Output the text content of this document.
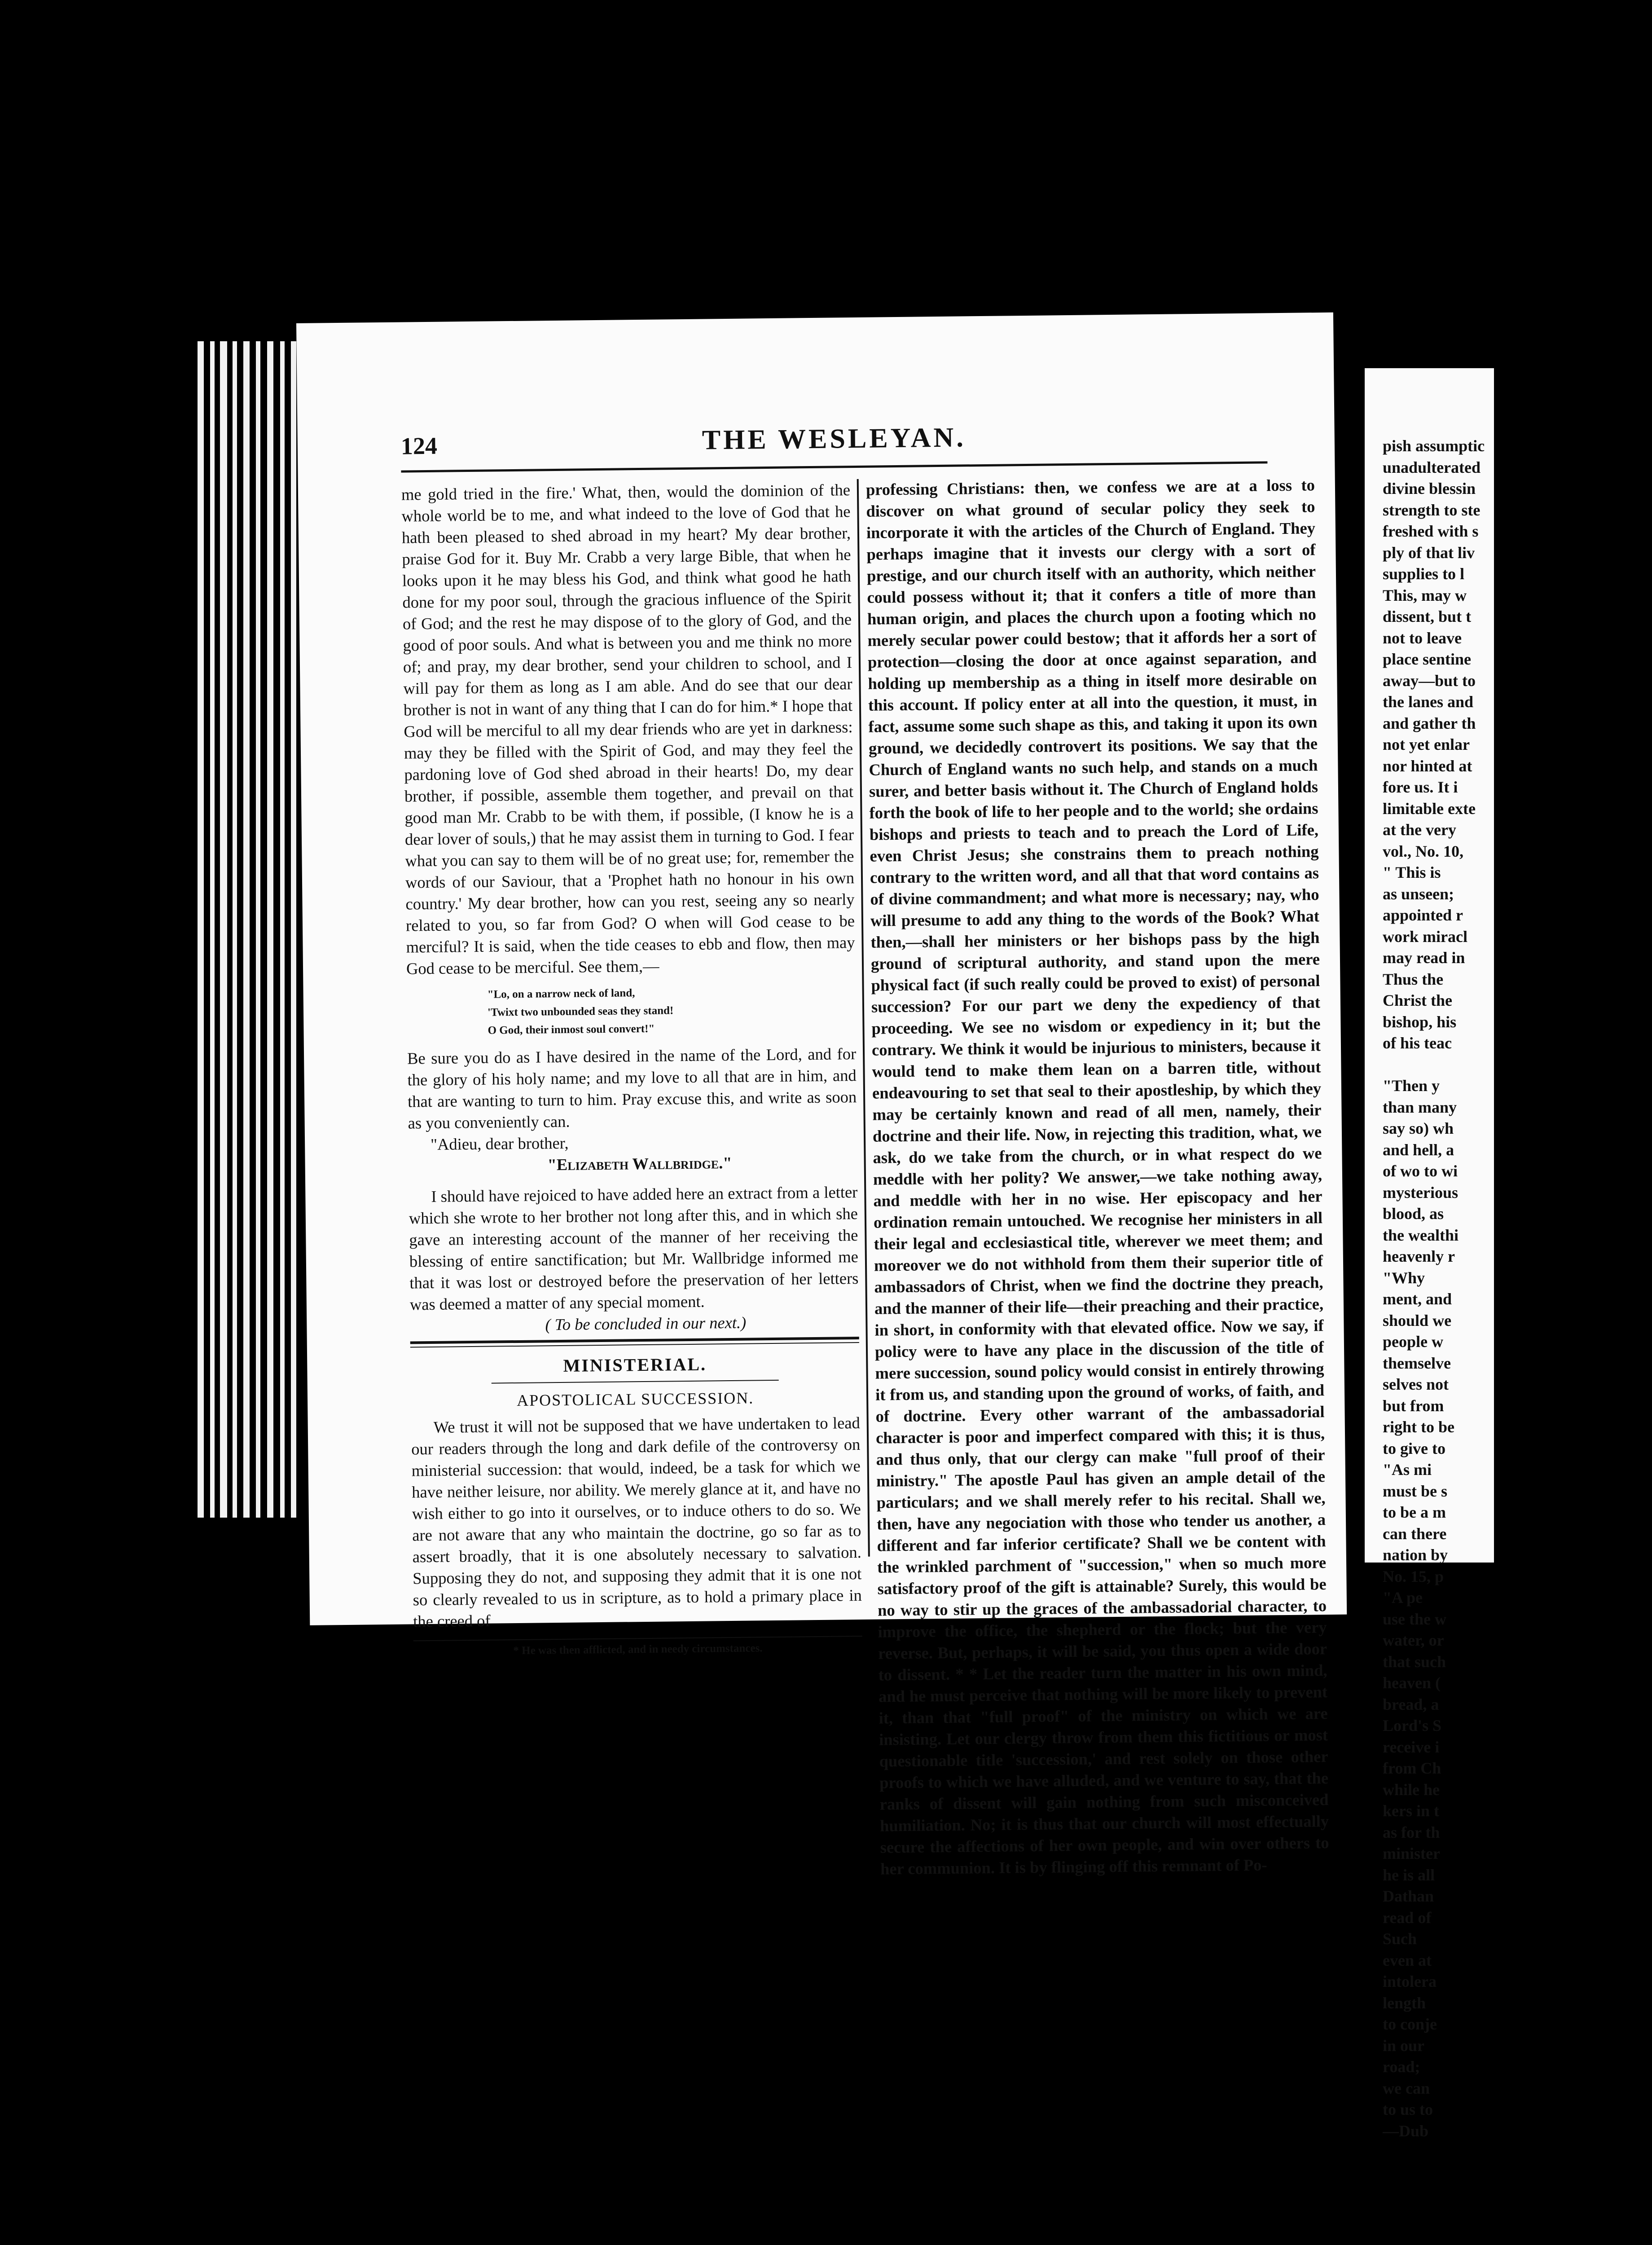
124	THE WESLEYAN.

me gold tried in the fire.' What, then, would the dominion of the whole world be to me, and what indeed to the love of God that he hath been pleased to shed abroad in my heart? My dear brother, praise God for it. Buy Mr. Crabb a very large Bible, that when he looks upon it he may bless his God, and think what good he hath done for my poor soul, through the gracious influence of the Spirit of God; and the rest he may dispose of to the glory of God, and the good of poor souls. And what is between you and me think no more of; and pray, my dear brother, send your children to school, and I will pay for them as long as I am able. And do see that our dear brother is not in want of any thing that I can do for him.* I hope that God will be merciful to all my dear friends who are yet in darkness: may they be filled with the Spirit of God, and may they feel the pardoning love of God shed abroad in their hearts! Do, my dear brother, if possible, assemble them together, and prevail on that good man Mr. Crabb to be with them, if possible, (I know he is a dear lover of souls,) that he may assist them in turning to God. I fear what you can say to them will be of no great use; for, remember the words of our Saviour, that a 'Prophet hath no honour in his own country.' My dear brother, how can you rest, seeing any so nearly related to you, so far from God? O when will God cease to be merciful? It is said, when the tide ceases to ebb and flow, then may God cease to be merciful. See them,—

"Lo, on a narrow neck of land,
'Twixt two unbounded seas they stand!
O God, their inmost soul convert!"

Be sure you do as I have desired in the name of the Lord, and for the glory of his holy name; and my love to all that are in him, and that are wanting to turn to him. Pray excuse this, and write as soon as you conveniently can.

"Adieu, dear brother,

"Elizabeth Wallbridge."

I should have rejoiced to have added here an extract from a letter which she wrote to her brother not long after this, and in which she gave an interesting account of the manner of her receiving the blessing of entire sanctification; but Mr. Wallbridge informed me that it was lost or destroyed before the preservation of her letters was deemed a matter of any special moment.

( To be concluded in our next.)

MINISTERIAL.
APOSTOLICAL SUCCESSION.

We trust it will not be supposed that we have undertaken to lead our readers through the long and dark defile of the controversy on ministerial succession: that would, indeed, be a task for which we have neither leisure, nor ability. We merely glance at it, and have no wish either to go into it ourselves, or to induce others to do so. We are not aware that any who maintain the doctrine, go so far as to assert broadly, that it is one absolutely necessary to salvation. Supposing they do not, and supposing they admit that it is one not so clearly revealed to us in scripture, as to hold a primary place in the creed of

* He was then afflicted, and in needy circumstances.

professing Christians: then, we confess we are at a loss to discover on what ground of secular policy they seek to incorporate it with the articles of the Church of England. They perhaps imagine that it invests our clergy with a sort of prestige, and our church itself with an authority, which neither could possess without it; that it confers a title of more than human origin, and places the church upon a footing which no merely secular power could bestow; that it affords her a sort of protection—closing the door at once against separation, and holding up membership as a thing in itself more desirable on this account. If policy enter at all into the question, it must, in fact, assume some such shape as this, and taking it upon its own ground, we decidedly controvert its positions. We say that the Church of England wants no such help, and stands on a much surer, and better basis without it. The Church of England holds forth the book of life to her people and to the world; she ordains bishops and priests to teach and to preach the Lord of Life, even Christ Jesus; she constrains them to preach nothing contrary to the written word, and all that that word contains as of divine commandment; and what more is necessary; nay, who will presume to add any thing to the words of the Book? What then,—shall her ministers or her bishops pass by the high ground of scriptural authority, and stand upon the mere physical fact (if such really could be proved to exist) of personal succession? For our part we deny the expediency of that proceeding. We see no wisdom or expediency in it; but the contrary. We think it would be injurious to ministers, because it would tend to make them lean on a barren title, without endeavouring to set that seal to their apostleship, by which they may be certainly known and read of all men, namely, their doctrine and their life. Now, in rejecting this tradition, what, we ask, do we take from the church, or in what respect do we meddle with her polity? We answer,—we take nothing away, and meddle with her in no wise. Her episcopacy and her ordination remain untouched. We recognise her ministers in all their legal and ecclesiastical title, wherever we meet them; and moreover we do not withhold from them their superior title of ambassadors of Christ, when we find the doctrine they preach, and the manner of their life—their preaching and their practice, in short, in conformity with that elevated office. Now we say, if policy were to have any place in the discussion of the title of mere succession, sound policy would consist in entirely throwing it from us, and standing upon the ground of works, of faith, and of doctrine. Every other warrant of the ambassadorial character is poor and imperfect compared with this; it is thus, and thus only, that our clergy can make "full proof of their ministry." The apostle Paul has given an ample detail of the particulars; and we shall merely refer to his recital. Shall we, then, have any negociation with those who tender us another, a different and far inferior certificate? Shall we be content with the wrinkled parchment of "succession," when so much more satisfactory proof of the gift is attainable? Surely, this would be no way to stir up the graces of the ambassadorial character, to improve the office, the shepherd or the flock; but the very reverse. But, perhaps, it will be said, you thus open a wide door to dissent. * * Let the reader turn the matter in his own mind, and he must perceive that nothing will be more likely to prevent it, than that "full proof" of the ministry on which we are insisting. Let our clergy throw from them this fictitious or most questionable title 'succession,' and rest solely on those other proofs to which we have alluded, and we venture to say, that the ranks of dissent will gain nothing from such misconceived humiliation. No; it is thus that our church will most effectually secure the affections of her own people, and win over others to her communion. It is by flinging off this remnant of Po-

pish assumptic
unadulterated
divine blessin
strength to ste
freshed with s
ply of that liv
supplies to l
This, may w
dissent, but t
not to leave
place sentine
away—but to
the lanes and
and gather th
not yet enlar
nor hinted at
fore us. It i
limitable exte
at the very
vol., No. 10,
" This is
as unseen;
appointed r
work miracl
may read in
Thus the
Christ the
bishop, his
of his teac
"Then y
than many
say so) wh
and hell, a
of wo to wi
mysterious
blood, as
the wealthi
heavenly r
"Why
ment, and
should we
people w
themselve
selves not
but from
right to be
to give to
"As mi
must be s
to be a m
can there
nation by
No. 15, p
"A pe
use the w
water, or
that such
heaven (
bread, a
Lord's S
receive i
from Ch
while he
kers in t
as for th
minister
he is all
Dathan
read of
Such
even at
intolera
length
to conje
in our
road;
we can
to us to
—Dub
